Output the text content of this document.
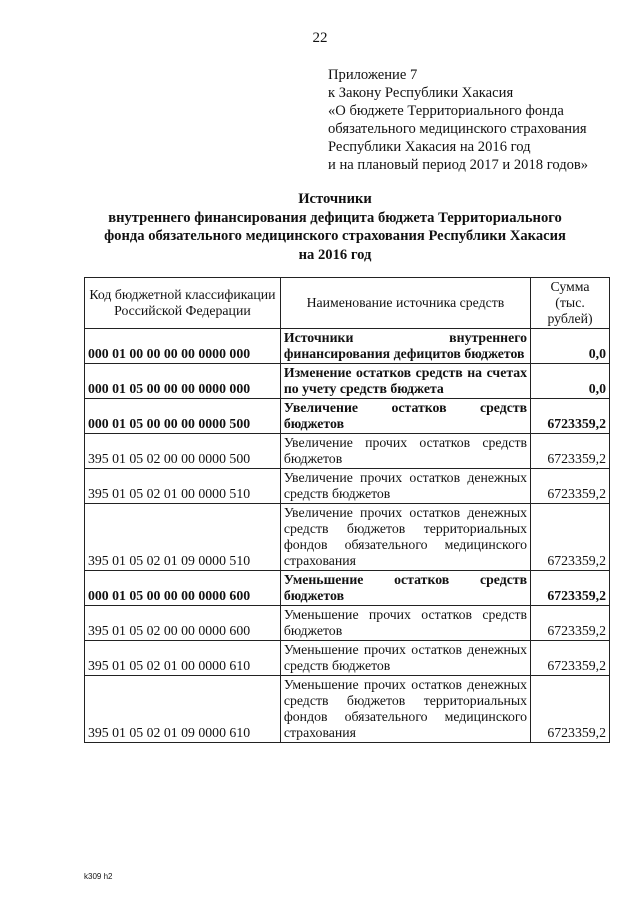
22
Приложение 7
к Закону Республики Хакасия
«О бюджете Территориального фонда
обязательного медицинского страхования
Республики Хакасия на 2016 год
и на плановый период 2017 и 2018 годов»
Источники
внутреннего финансирования дефицита бюджета Территориального
фонда обязательного медицинского страхования Республики Хакасия
на 2016 год
Код бюджетной классификации Российской Федерации	Наименование источника средств	Сумма (тыс. рублей)
000 01 00 00 00 00 0000 000	Источники внутреннего финансирования дефицитов бюджетов	0,0
000 01 05 00 00 00 0000 000	Изменение остатков средств на счетах по учету средств бюджета	0,0
000 01 05 00 00 00 0000 500	Увеличение остатков средств бюджетов	6723359,2
395 01 05 02 00 00 0000 500	Увеличение прочих остатков средств бюджетов	6723359,2
395 01 05 02 01 00 0000 510	Увеличение прочих остатков денежных средств бюджетов	6723359,2
395 01 05 02 01 09 0000 510	Увеличение прочих остатков денежных средств бюджетов территориальных фондов обязательного медицинского страхования	6723359,2
000 01 05 00 00 00 0000 600	Уменьшение остатков средств бюджетов	6723359,2
395 01 05 02 00 00 0000 600	Уменьшение прочих остатков средств бюджетов	6723359,2
395 01 05 02 01 00 0000 610	Уменьшение прочих остатков денежных средств бюджетов	6723359,2
395 01 05 02 01 09 0000 610	Уменьшение прочих остатков денежных средств бюджетов территориальных фондов обязательного медицинского страхования	6723359,2
k309 h2
